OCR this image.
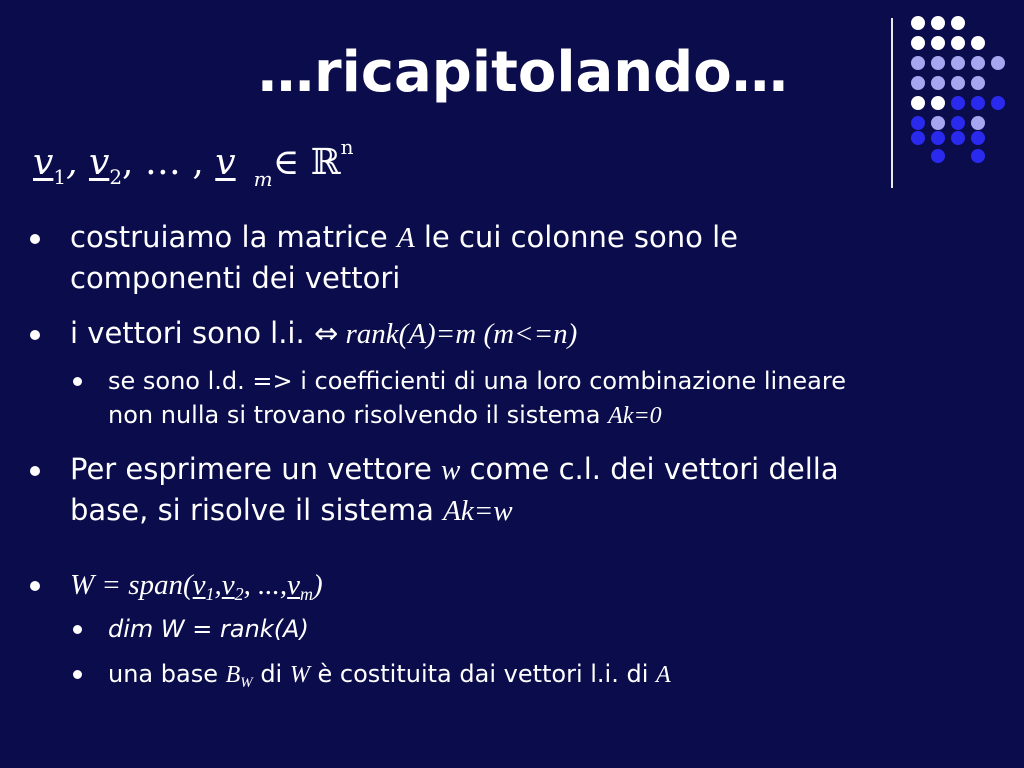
…ricapitolando…
$v_1$, $v_2$, … , v $_m$∈ ℝ$^n$
costruiamo la matrice A le cui colonne sono le
componenti dei vettori
i vettori sono l.i. ⇔ rank(A)=m (m<=n)
se sono l.d. => i coefficienti di una loro combinazione lineare
non nulla si trovano risolvendo il sistema Ak=0
Per esprimere un vettore w come c.l. dei vettori della
base, si risolve il sistema Ak=w
$W = span(v_1,v_2$, $...,v_m$)
dim W = rank(A)
una base $B_W$ di W è costituita dai vettori l.i. di A
